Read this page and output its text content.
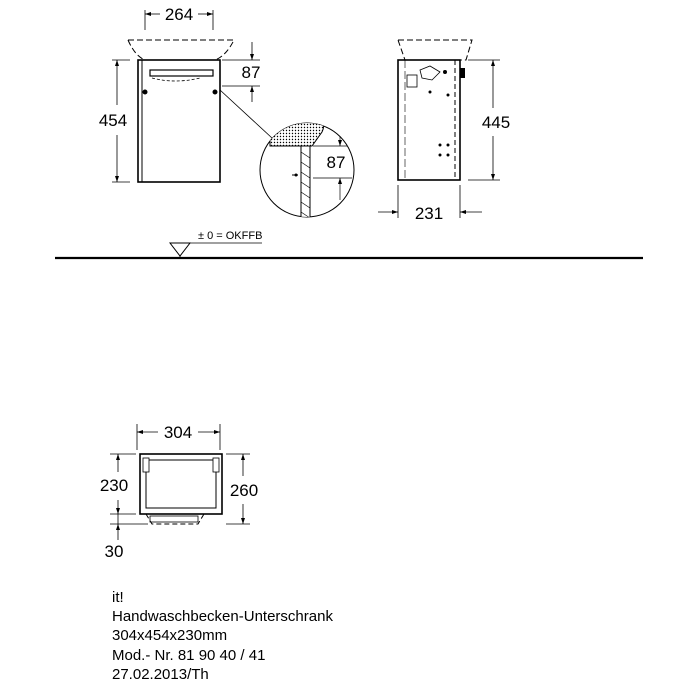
264
454
87
87
445
231
± 0 = OKFFB
304
230	260
30
it!
Handwaschbecken-Unterschrank
304x454x230mm
Mod.- Nr. 81 90 40 / 41
27.02.2013/Th
